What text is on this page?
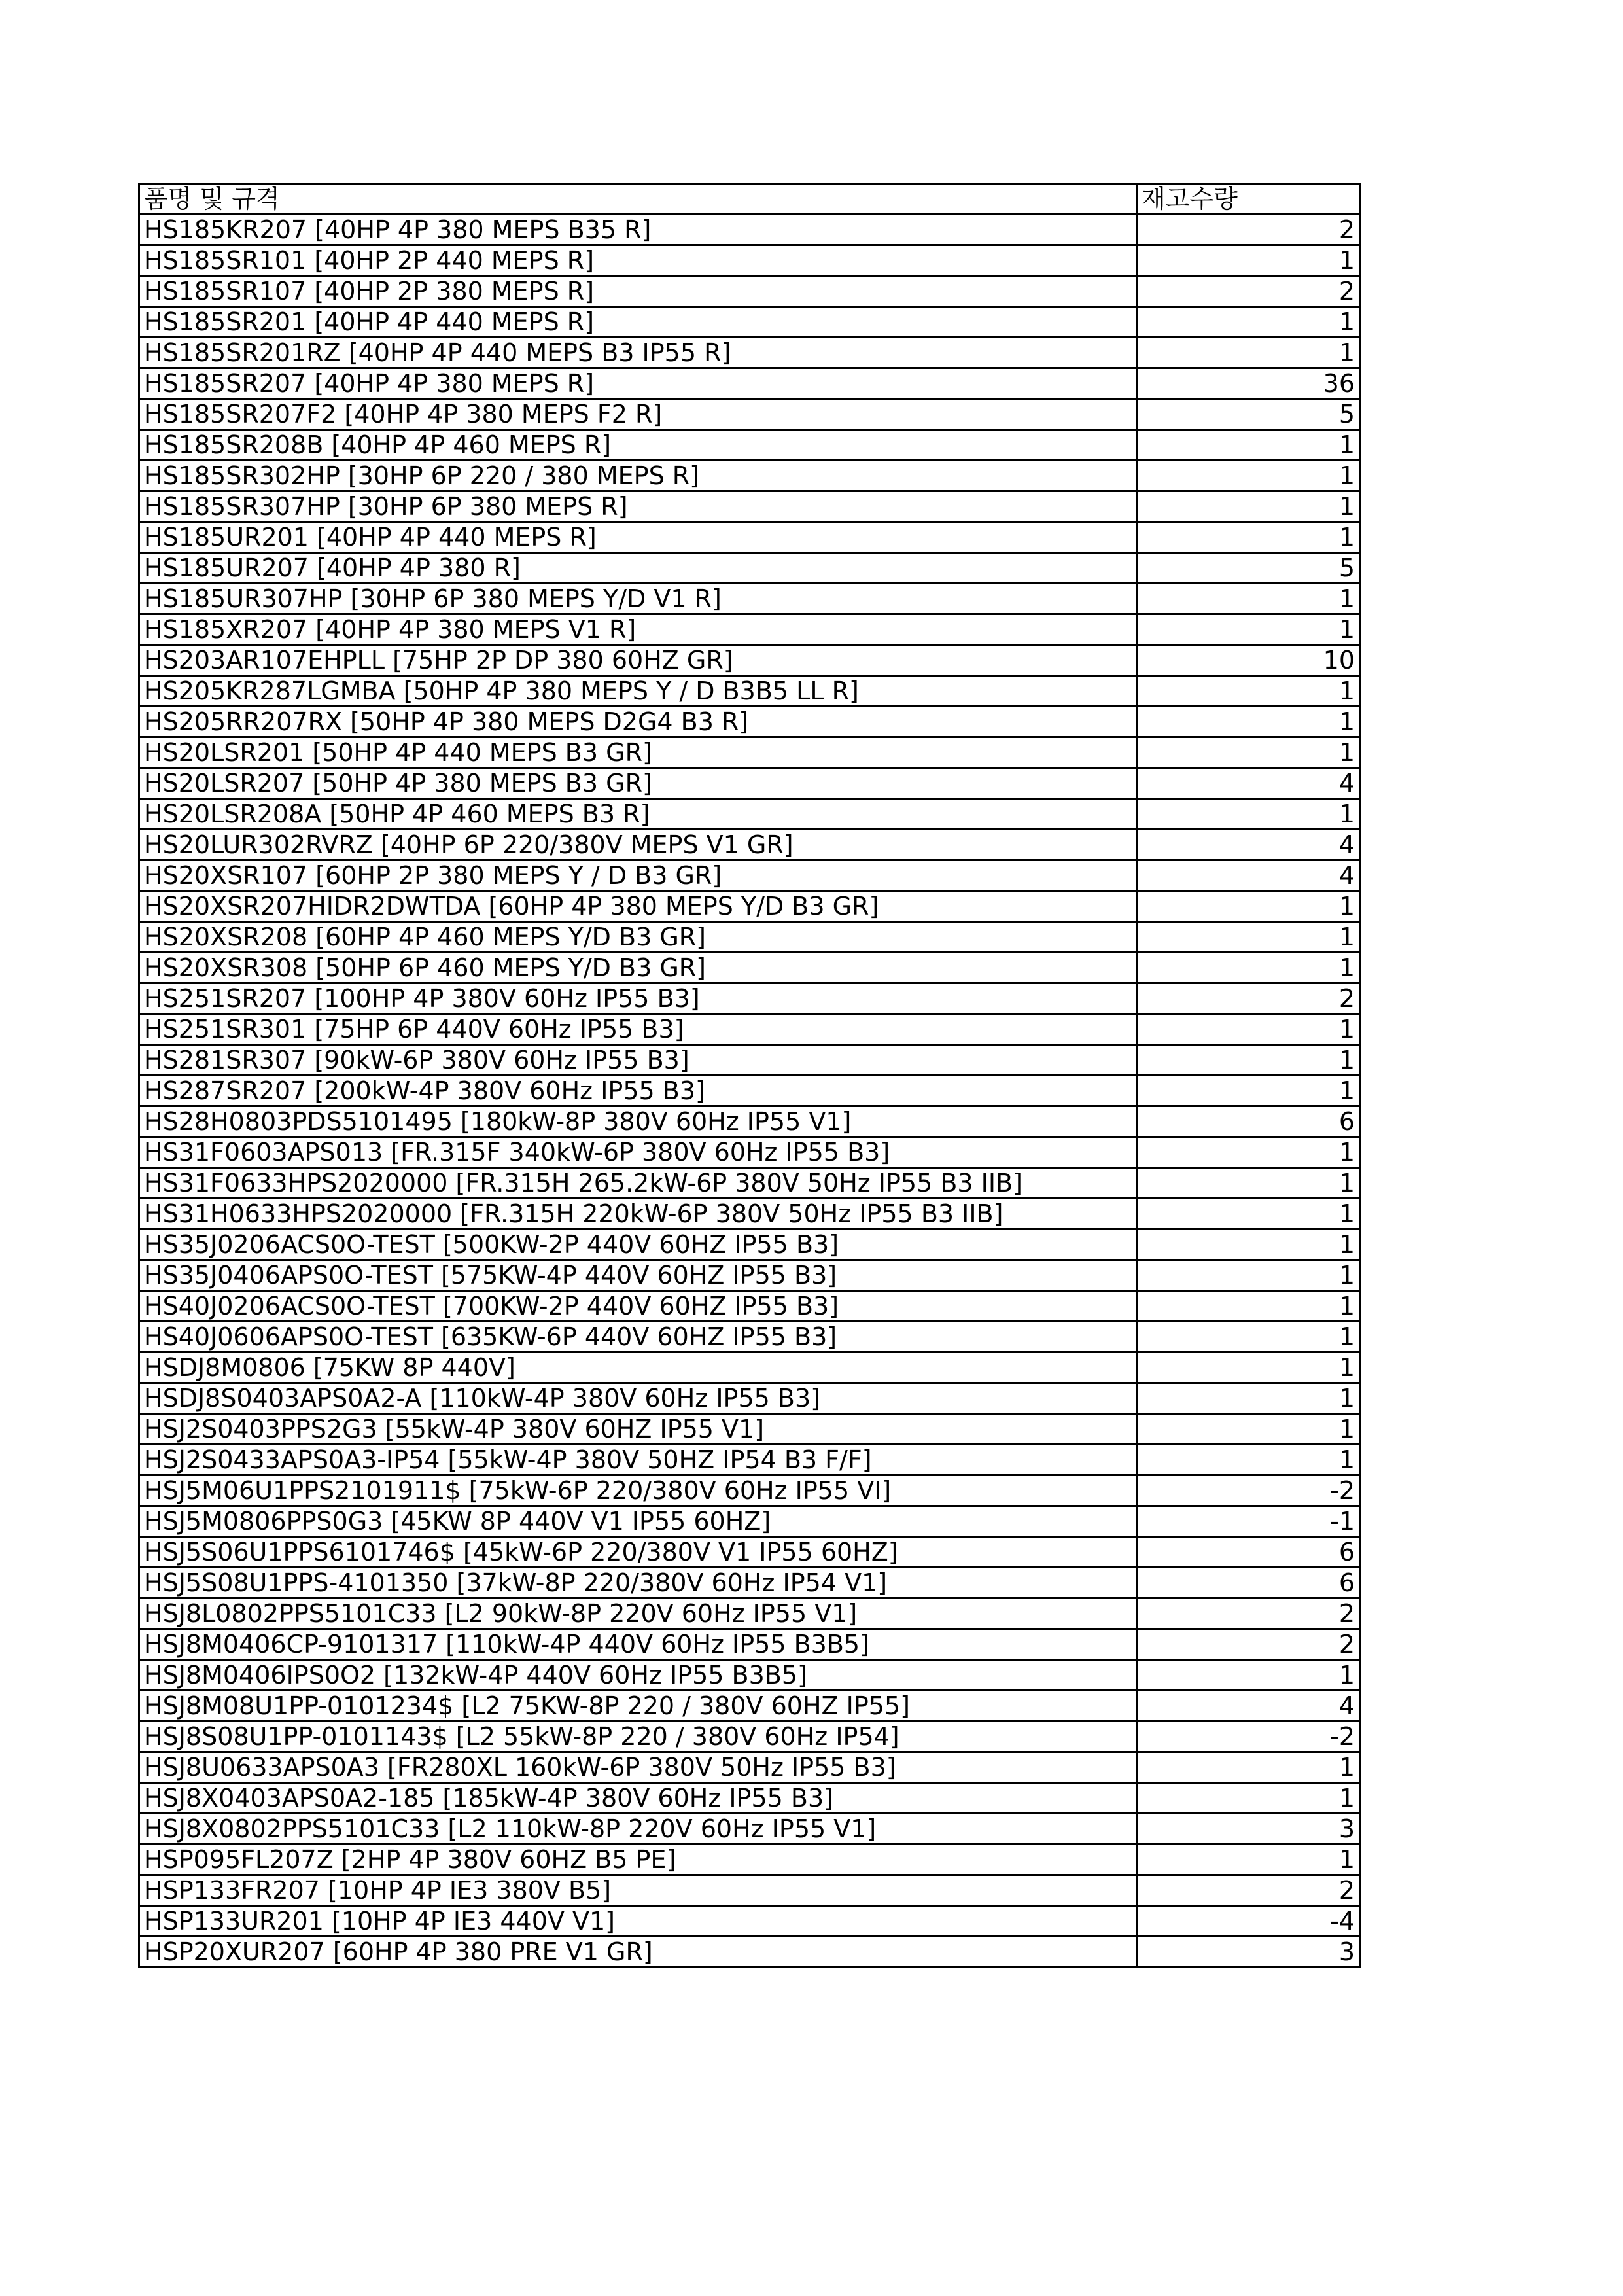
품명 및 규격	재고수량
HS185KR207 [40HP 4P 380 MEPS B35 R]	2
HS185SR101 [40HP 2P 440 MEPS R]	1
HS185SR107 [40HP 2P 380 MEPS R]	2
HS185SR201 [40HP 4P 440 MEPS R]	1
HS185SR201RZ [40HP 4P 440 MEPS B3 IP55 R]	1
HS185SR207 [40HP 4P 380 MEPS R]	36
HS185SR207F2 [40HP 4P 380 MEPS F2 R]	5
HS185SR208B [40HP 4P 460 MEPS R]	1
HS185SR302HP [30HP 6P 220 / 380 MEPS R]	1
HS185SR307HP [30HP 6P 380 MEPS R]	1
HS185UR201 [40HP 4P 440 MEPS R]	1
HS185UR207 [40HP 4P 380 R]	5
HS185UR307HP [30HP 6P 380 MEPS Y/D V1 R]	1
HS185XR207 [40HP 4P 380 MEPS V1 R]	1
HS203AR107EHPLL [75HP 2P DP 380 60HZ GR]	10
HS205KR287LGMBA [50HP 4P 380 MEPS Y / D B3B5 LL R]	1
HS205RR207RX [50HP 4P 380 MEPS D2G4 B3 R]	1
HS20LSR201 [50HP 4P 440 MEPS B3 GR]	1
HS20LSR207 [50HP 4P 380 MEPS B3 GR]	4
HS20LSR208A [50HP 4P 460 MEPS B3 R]	1
HS20LUR302RVRZ [40HP 6P 220/380V MEPS V1 GR]	4
HS20XSR107 [60HP 2P 380 MEPS Y / D B3 GR]	4
HS20XSR207HIDR2DWTDA [60HP 4P 380 MEPS Y/D B3 GR]	1
HS20XSR208 [60HP 4P 460 MEPS Y/D B3 GR]	1
HS20XSR308 [50HP 6P 460 MEPS Y/D B3 GR]	1
HS251SR207 [100HP 4P 380V 60Hz IP55 B3]	2
HS251SR301 [75HP 6P 440V 60Hz IP55 B3]	1
HS281SR307 [90kW-6P 380V 60Hz IP55 B3]	1
HS287SR207 [200kW-4P 380V 60Hz IP55 B3]	1
HS28H0803PDS5101495 [180kW-8P 380V 60Hz IP55 V1]	6
HS31F0603APS013 [FR.315F 340kW-6P 380V 60Hz IP55 B3]	1
HS31F0633HPS2020000 [FR.315H 265.2kW-6P 380V 50Hz IP55 B3 IIB]	1
HS31H0633HPS2020000 [FR.315H 220kW-6P 380V 50Hz IP55 B3 IIB]	1
HS35J0206ACS0O-TEST [500KW-2P 440V 60HZ IP55 B3]	1
HS35J0406APS0O-TEST [575KW-4P 440V 60HZ IP55 B3]	1
HS40J0206ACS0O-TEST [700KW-2P 440V 60HZ IP55 B3]	1
HS40J0606APS0O-TEST [635KW-6P 440V 60HZ IP55 B3]	1
HSDJ8M0806 [75KW 8P 440V]	1
HSDJ8S0403APS0A2-A [110kW-4P 380V 60Hz IP55 B3]	1
HSJ2S0403PPS2G3 [55kW-4P 380V 60HZ IP55 V1]	1
HSJ2S0433APS0A3-IP54 [55kW-4P 380V 50HZ IP54 B3 F/F]	1
HSJ5M06U1PPS2101911$ [75kW-6P 220/380V 60Hz IP55 VI]	-2
HSJ5M0806PPS0G3 [45KW 8P 440V V1 IP55 60HZ]	-1
HSJ5S06U1PPS6101746$ [45kW-6P 220/380V V1 IP55 60HZ]	6
HSJ5S08U1PPS-4101350 [37kW-8P 220/380V 60Hz IP54 V1]	6
HSJ8L0802PPS5101C33 [L2 90kW-8P 220V 60Hz IP55 V1]	2
HSJ8M0406CP-9101317 [110kW-4P 440V 60Hz IP55 B3B5]	2
HSJ8M0406IPS0O2 [132kW-4P 440V 60Hz IP55 B3B5]	1
HSJ8M08U1PP-0101234$ [L2 75KW-8P 220 / 380V 60HZ IP55]	4
HSJ8S08U1PP-0101143$ [L2 55kW-8P 220 / 380V 60Hz IP54]	-2
HSJ8U0633APS0A3 [FR280XL 160kW-6P 380V 50Hz IP55 B3]	1
HSJ8X0403APS0A2-185 [185kW-4P 380V 60Hz IP55 B3]	1
HSJ8X0802PPS5101C33 [L2 110kW-8P 220V 60Hz IP55 V1]	3
HSP095FL207Z [2HP 4P 380V 60HZ B5 PE]	1
HSP133FR207 [10HP 4P IE3 380V B5]	2
HSP133UR201 [10HP 4P IE3 440V V1]	-4
HSP20XUR207 [60HP 4P 380 PRE V1 GR]	3
